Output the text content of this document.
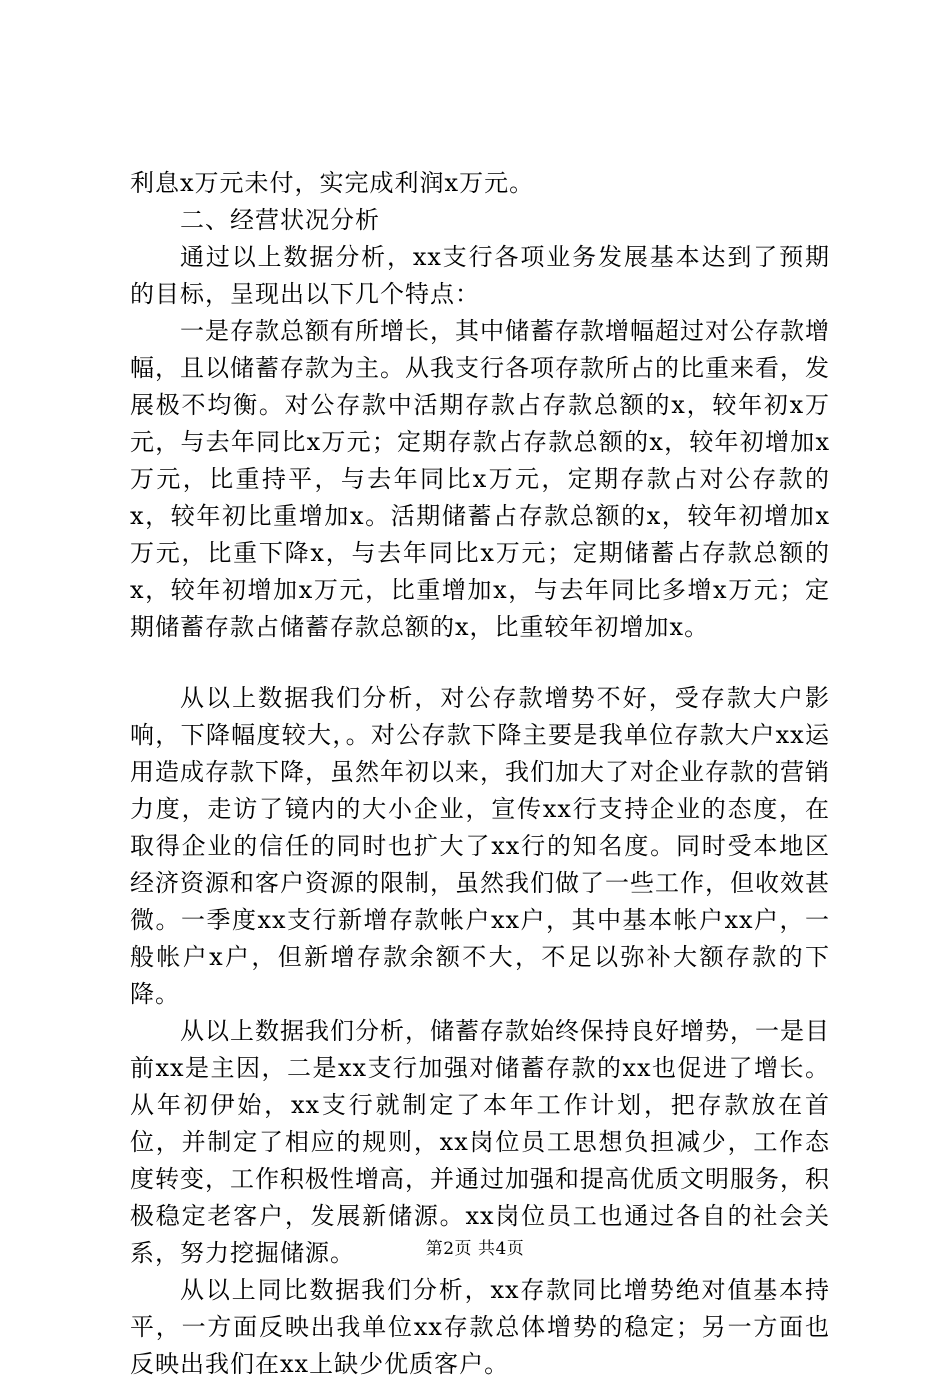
利息x万元未付，实完成利润x万元。

二、经营状况分析

通过以上数据分析，xx支行各项业务发展基本达到了预期的目标，呈现出以下几个特点：

一是存款总额有所增长，其中储蓄存款增幅超过对公存款增幅，且以储蓄存款为主。从我支行各项存款所占的比重来看，发展极不均衡。对公存款中活期存款占存款总额的x，较年初x万元，与去年同比x万元；定期存款占存款总额的x，较年初增加x万元，比重持平，与去年同比x万元，定期存款占对公存款的x，较年初比重增加x。活期储蓄占存款总额的x，较年初增加x万元，比重下降x，与去年同比x万元；定期储蓄占存款总额的x，较年初增加x万元，比重增加x，与去年同比多增x万元；定期储蓄存款占储蓄存款总额的x，比重较年初增加x。

从以上数据我们分析，对公存款增势不好，受存款大户影响，下降幅度较大，。对公存款下降主要是我单位存款大户xx运用造成存款下降，虽然年初以来，我们加大了对企业存款的营销力度，走访了镜内的大小企业，宣传xx行支持企业的态度，在取得企业的信任的同时也扩大了xx行的知名度。同时受本地区经济资源和客户资源的限制，虽然我们做了一些工作，但收效甚微。一季度xx支行新增存款帐户xx户，其中基本帐户xx户，一般帐户x户，但新增存款余额不大，不足以弥补大额存款的下降。

从以上数据我们分析，储蓄存款始终保持良好增势，一是目前xx是主因，二是xx支行加强对储蓄存款的xx也促进了增长。从年初伊始，xx支行就制定了本年工作计划，把存款放在首位，并制定了相应的规则，xx岗位员工思想负担减少，工作态度转变，工作积极性增高，并通过加强和提高优质文明服务，积极稳定老客户，发展新储源。xx岗位员工也通过各自的社会关系，努力挖掘储源。

从以上同比数据我们分析，xx存款同比增势绝对值基本持平，一方面反映出我单位xx存款总体增势的稳定；另一方面也反映出我们在xx上缺少优质客户。

第2页 共4页
